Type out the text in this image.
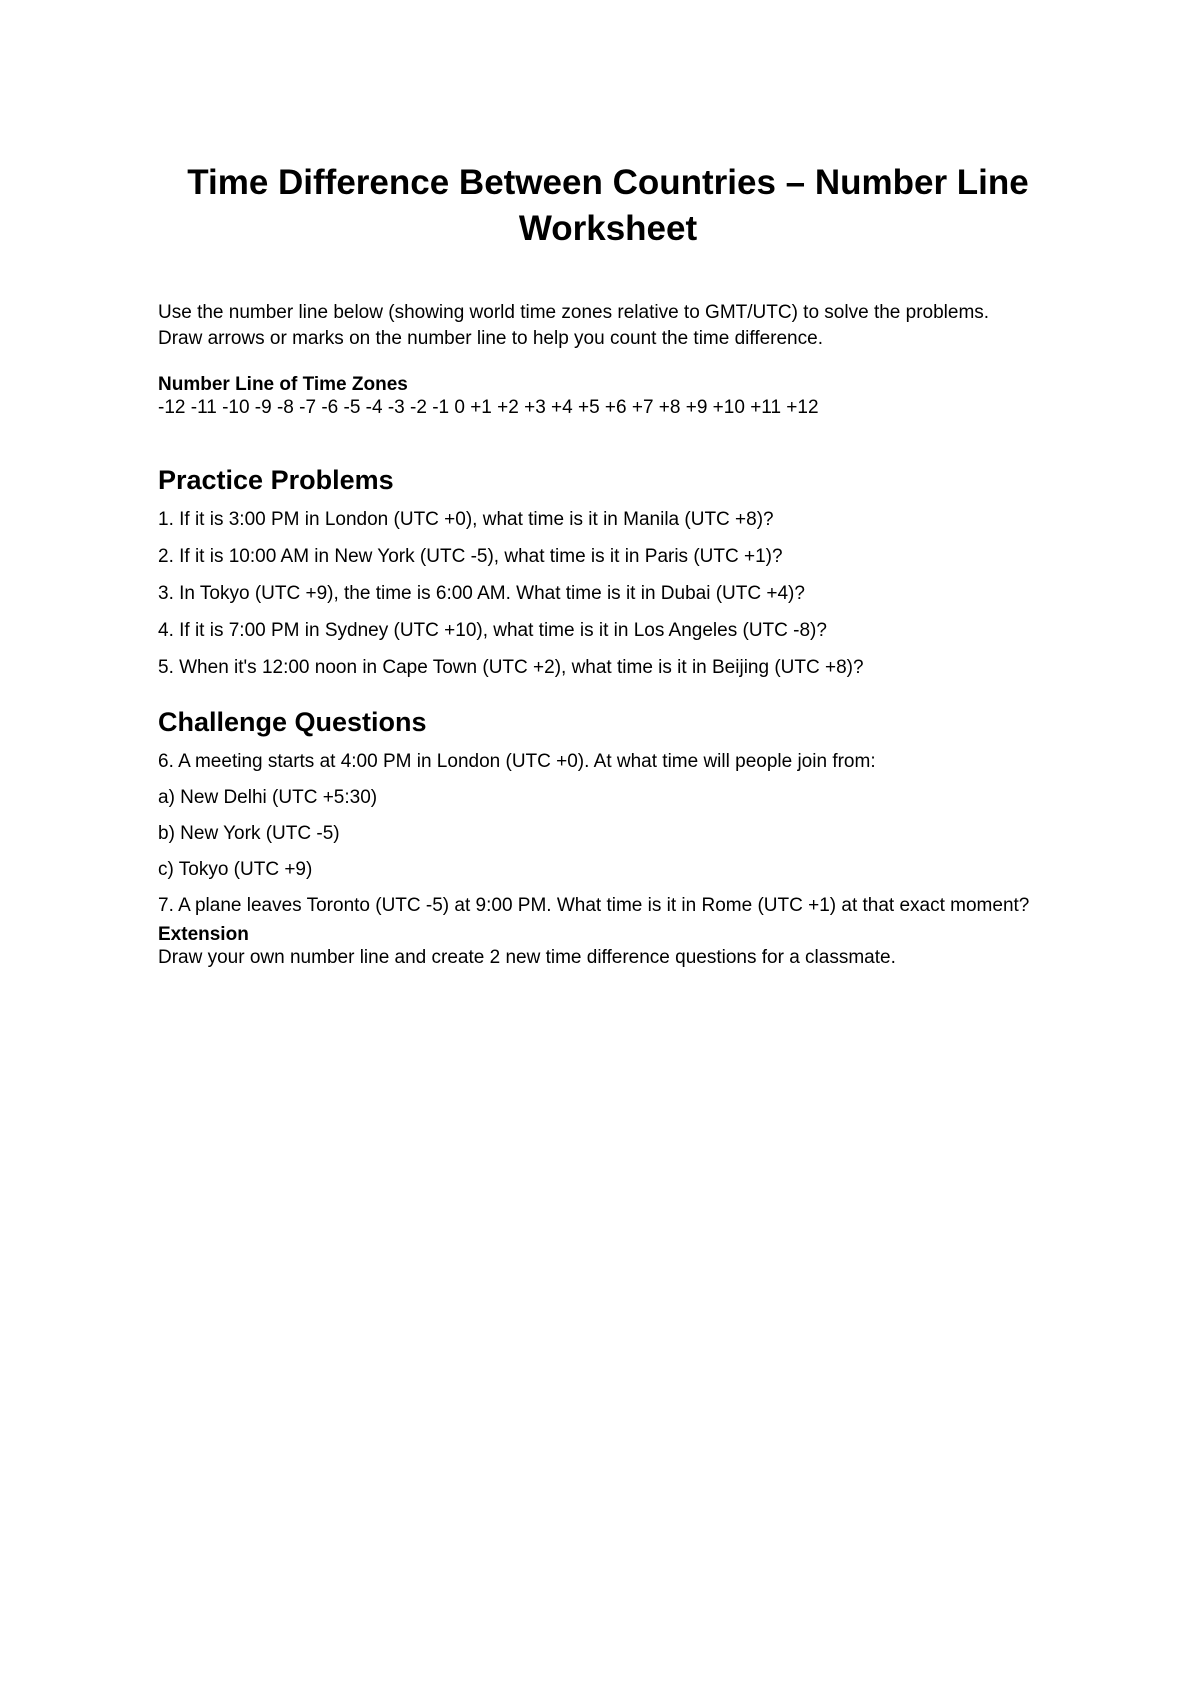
Time Difference Between Countries – Number Line Worksheet
Use the number line below (showing world time zones relative to GMT/UTC) to solve the problems.
Draw arrows or marks on the number line to help you count the time difference.
Number Line of Time Zones
-12 -11 -10 -9 -8 -7 -6 -5 -4 -3 -2 -1 0 +1 +2 +3 +4 +5 +6 +7 +8 +9 +10 +11 +12
Practice Problems
1. If it is 3:00 PM in London (UTC +0), what time is it in Manila (UTC +8)?
2. If it is 10:00 AM in New York (UTC -5), what time is it in Paris (UTC +1)?
3. In Tokyo (UTC +9), the time is 6:00 AM. What time is it in Dubai (UTC +4)?
4. If it is 7:00 PM in Sydney (UTC +10), what time is it in Los Angeles (UTC -8)?
5. When it's 12:00 noon in Cape Town (UTC +2), what time is it in Beijing (UTC +8)?
Challenge Questions
6. A meeting starts at 4:00 PM in London (UTC +0). At what time will people join from:
a) New Delhi (UTC +5:30)
b) New York (UTC -5)
c) Tokyo (UTC +9)
7. A plane leaves Toronto (UTC -5) at 9:00 PM. What time is it in Rome (UTC +1) at that exact moment?
Extension
Draw your own number line and create 2 new time difference questions for a classmate.
